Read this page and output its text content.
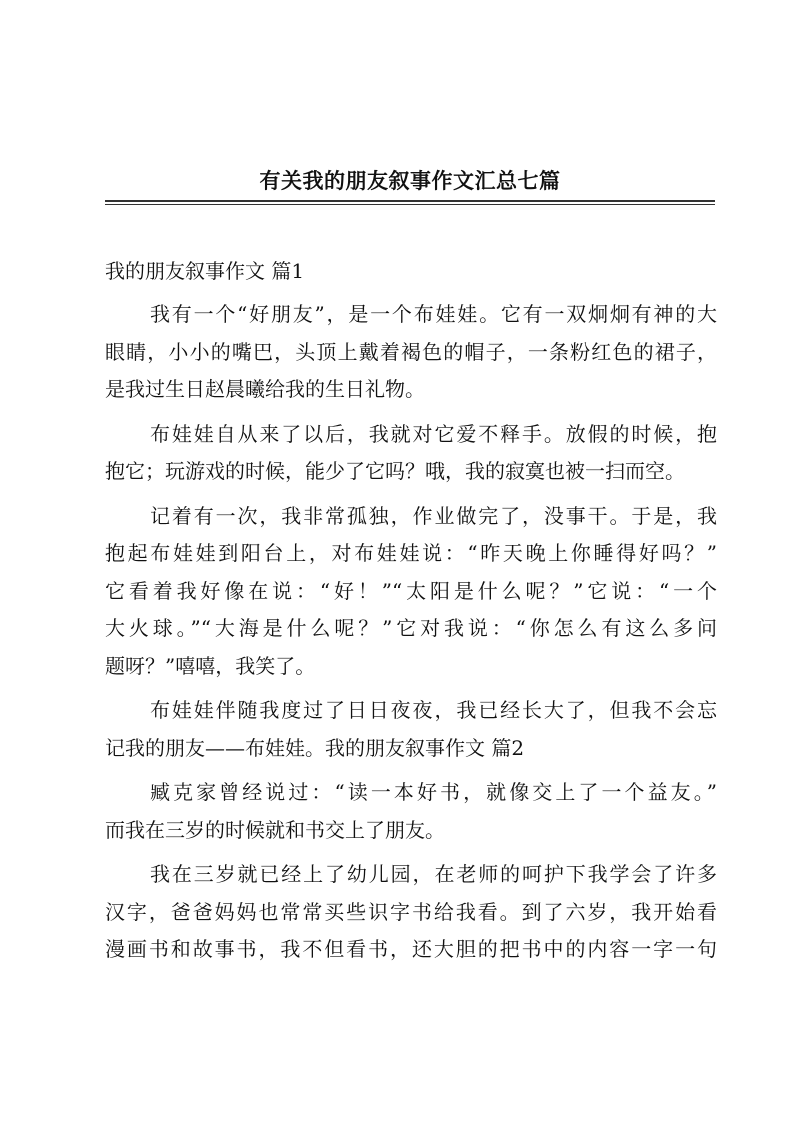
有关我的朋友叙事作文汇总七篇

我的朋友叙事作文 篇1

我有一个“好朋友”，是一个布娃娃。它有一双炯炯有神的大
眼睛，小小的嘴巴，头顶上戴着褐色的帽子，一条粉红色的裙子，
是我过生日赵晨曦给我的生日礼物。
布娃娃自从来了以后，我就对它爱不释手。放假的时候，抱
抱它；玩游戏的时候，能少了它吗？哦，我的寂寞也被一扫而空。
记着有一次，我非常孤独，作业做完了，没事干。于是，我
抱起布娃娃到阳台上，对布娃娃说：“昨天晚上你睡得好吗？”
它看着我好像在说：“好！”“太阳是什么呢？”它说：“一个
大火球。”“大海是什么呢？”它对我说：“你怎么有这么多问
题呀？”嘻嘻，我笑了。
布娃娃伴随我度过了日日夜夜，我已经长大了，但我不会忘
记我的朋友——布娃娃。我的朋友叙事作文 篇2
臧克家曾经说过：“读一本好书，就像交上了一个益友。”
而我在三岁的时候就和书交上了朋友。
我在三岁就已经上了幼儿园，在老师的呵护下我学会了许多
汉字，爸爸妈妈也常常买些识字书给我看。到了六岁，我开始看
漫画书和故事书，我不但看书，还大胆的把书中的内容一字一句
